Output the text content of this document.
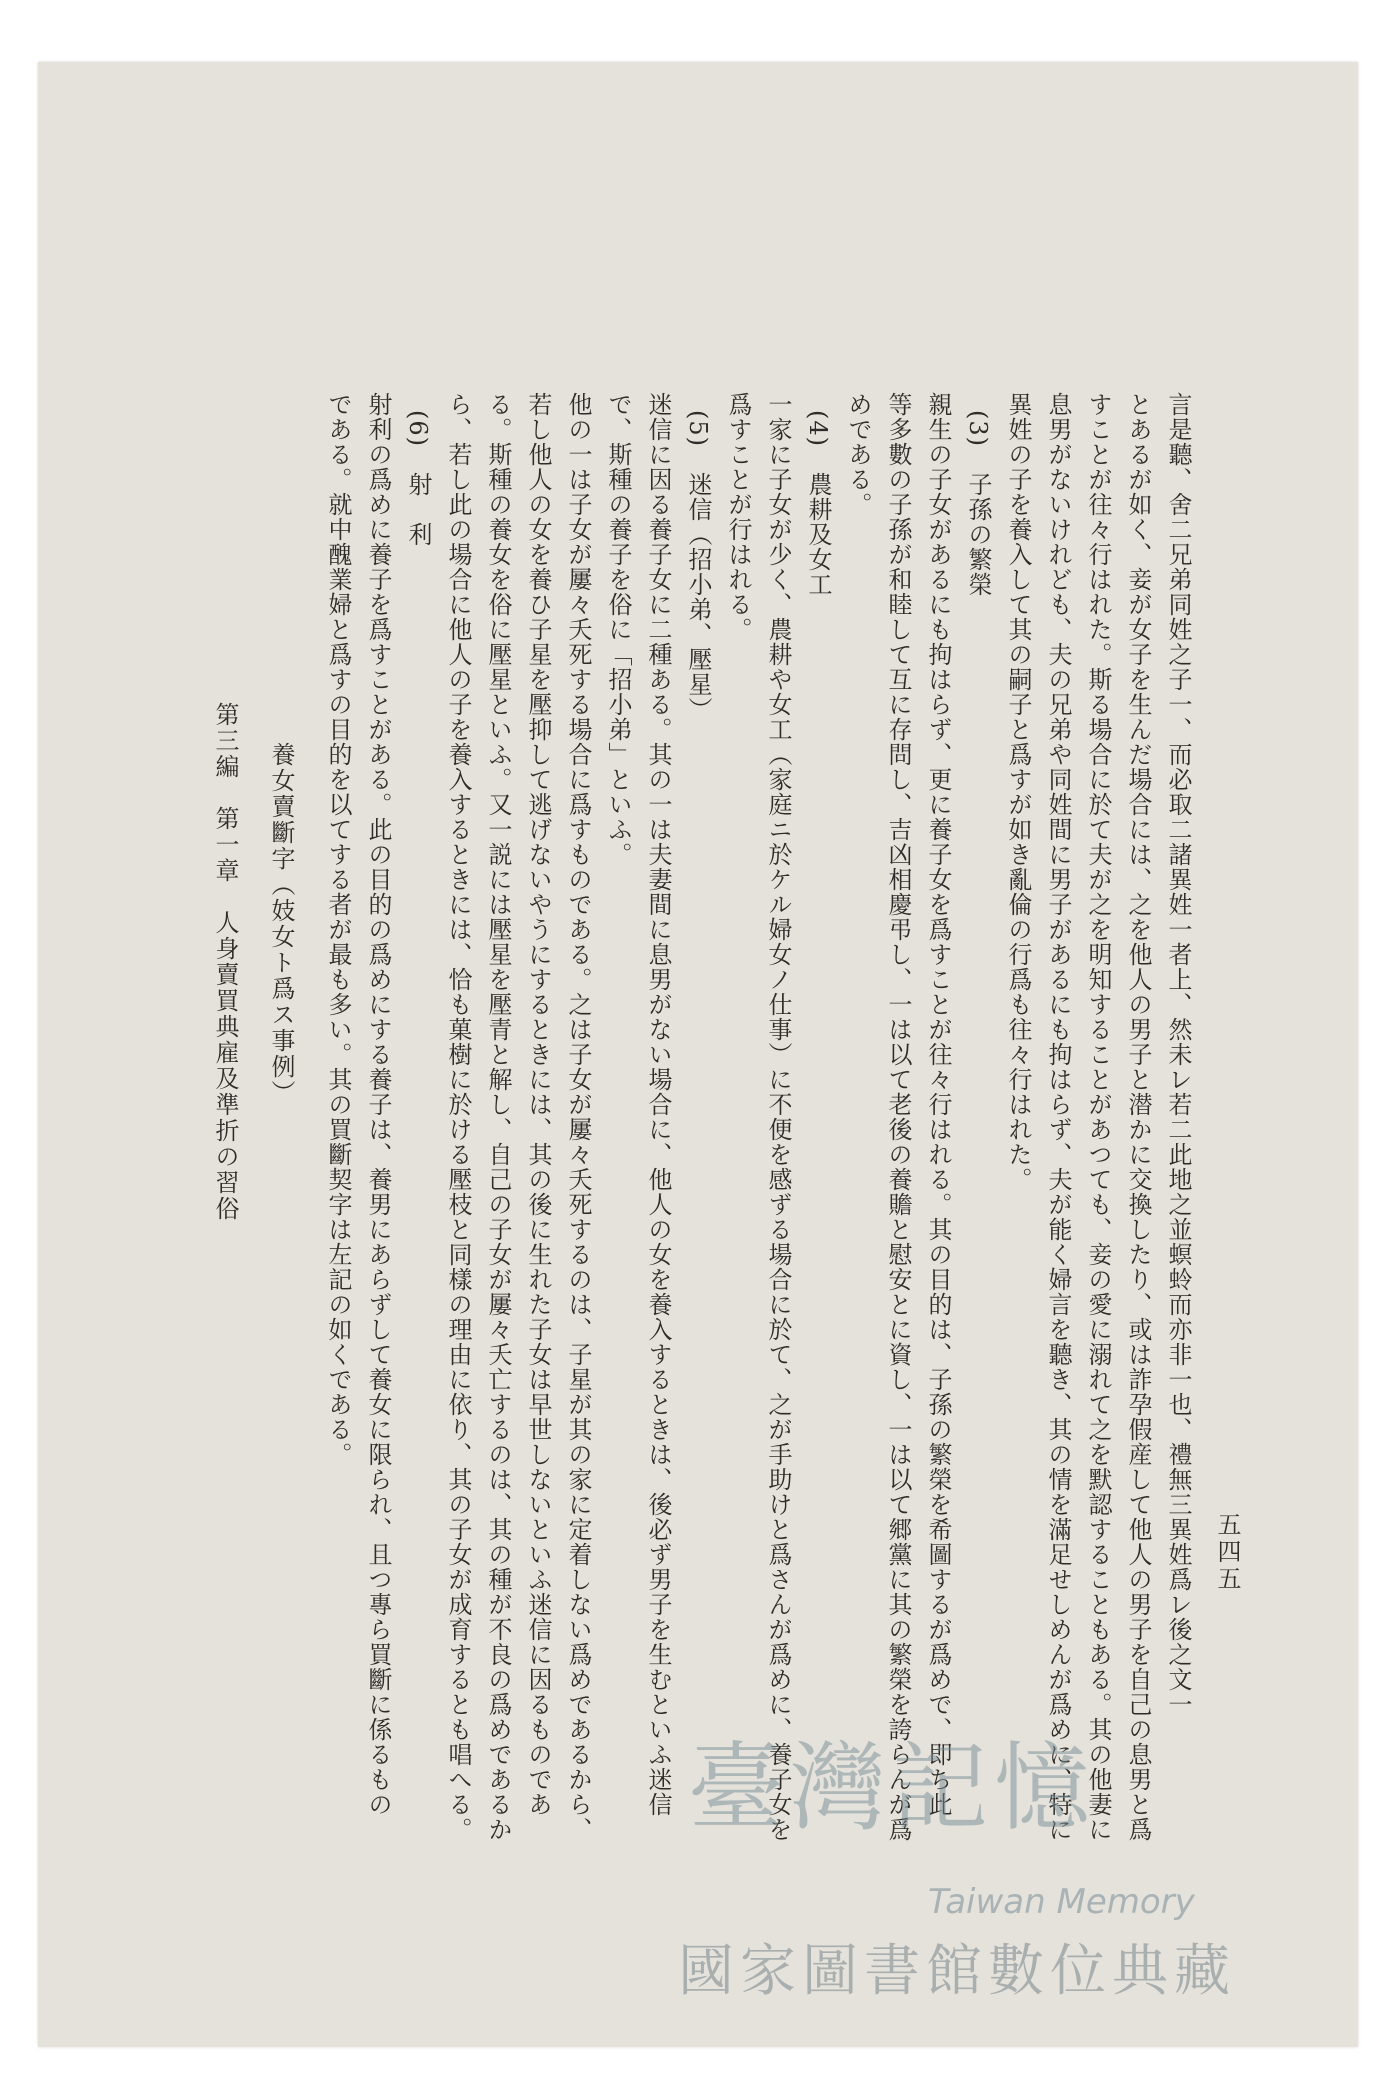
言是聽、舍二兄弟同姓之子一、而必取二諸異姓一者上、然未レ若二此地之並螟蛉而亦非一也、禮無三異姓爲レ後之文一

とあるが如く、妾が女子を生んだ場合には、之を他人の男子と潜かに交換したり、或は詐孕假産して他人の男子を自己の息男と爲

すことが往々行はれた。斯る場合に於て夫が之を明知することがあつても、妾の愛に溺れて之を默認することもある。其の他妻に

息男がないけれども、夫の兄弟や同姓間に男子があるにも拘はらず、夫が能く婦言を聽き、其の情を滿足せしめんが爲めに、特に

異姓の子を養入して其の嗣子と爲すが如き亂倫の行爲も往々行はれた。

(3)　子孫の繁榮

親生の子女があるにも拘はらず、更に養子女を爲すことが往々行はれる。其の目的は、子孫の繁榮を希圖するが爲めで、即ち此

等多數の子孫が和睦して互に存問し、吉凶相慶弔し、一は以て老後の養贍と慰安とに資し、一は以て郷黨に其の繁榮を誇らんが爲

めである。

(4)　農耕及女工

一家に子女が少く、農耕や女工（家庭ニ於ケル婦女ノ仕事）に不便を感ずる場合に於て、之が手助けと爲さんが爲めに、養子女を

爲すことが行はれる。

(5)　迷信（招小弟、壓星）

迷信に因る養子女に二種ある。其の一は夫妻間に息男がない場合に、他人の女を養入するときは、後必ず男子を生むといふ迷信

で、斯種の養子を俗に「招小弟」といふ。

他の一は子女が屢々夭死する場合に爲すものである。之は子女が屢々夭死するのは、子星が其の家に定着しない爲めであるから、

若し他人の女を養ひ子星を壓抑して逃げないやうにするときには、其の後に生れた子女は早世しないといふ迷信に因るものであ

る。斯種の養女を俗に壓星といふ。又一説には壓星を壓青と解し、自己の子女が屢々夭亡するのは、其の種が不良の爲めであるか

ら、若し此の場合に他人の子を養入するときには、恰も菓樹に於ける壓枝と同樣の理由に依り、其の子女が成育するとも唱へる。

(6)　射　利

射利の爲めに養子を爲すことがある。此の目的の爲めにする養子は、養男にあらずして養女に限られ、且つ專ら買斷に係るもの

である。就中醜業婦と爲すの目的を以てする者が最も多い。其の買斷契字は左記の如くである。

養女賣斷字（妓女ト爲ス事例）
第三編　第一章　人身賣買典雇及準折の習俗
五四五
臺灣記憶
Taiwan Memory
國家圖書館數位典藏
